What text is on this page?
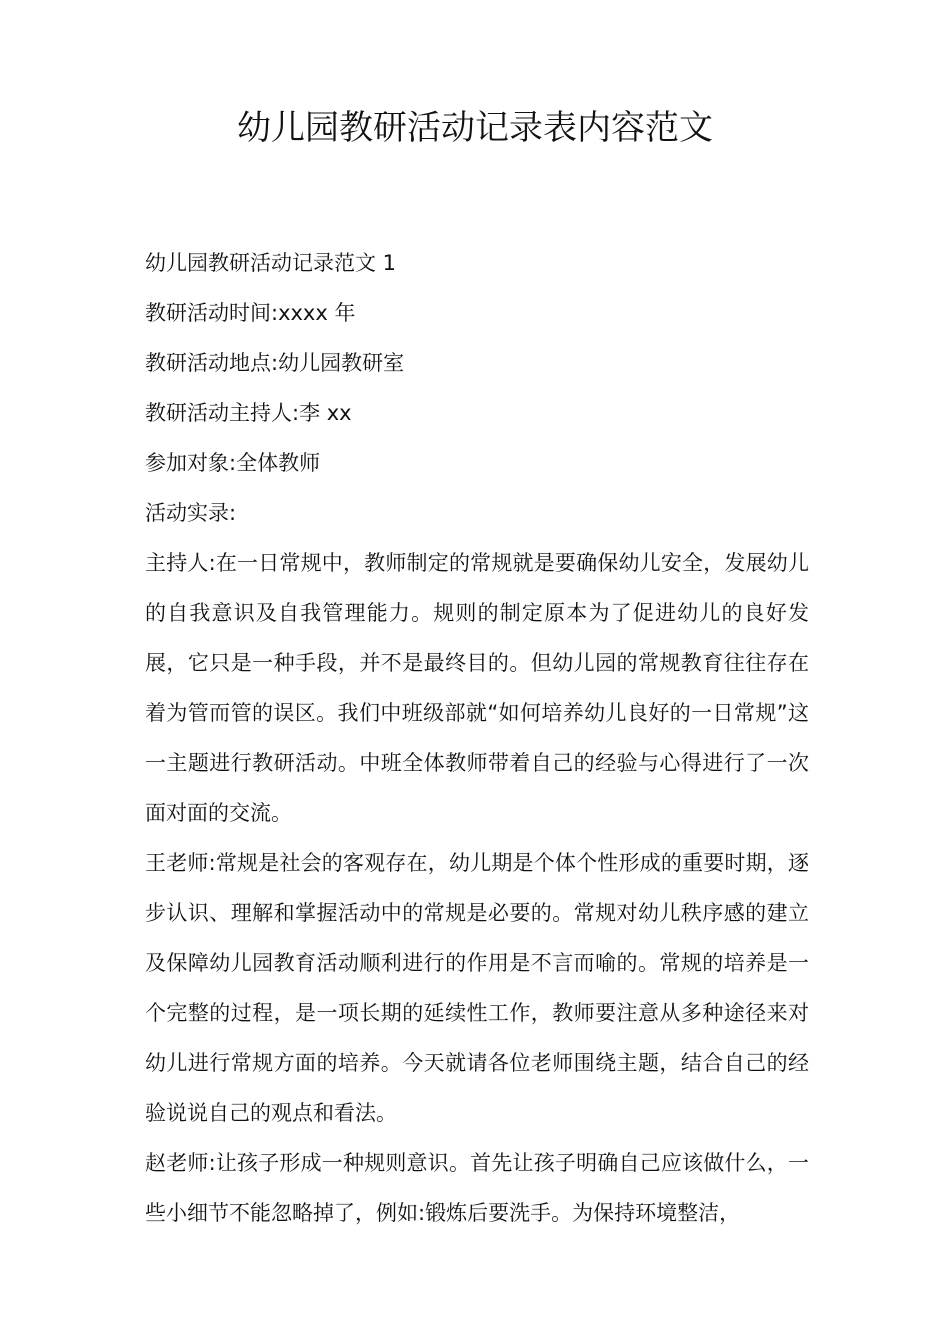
幼儿园教研活动记录表内容范文

幼儿园教研活动记录范文 1

教研活动时间:xxxx 年

教研活动地点:幼儿园教研室

教研活动主持人:李 xx

参加对象:全体教师

活动实录:

主持人:在一日常规中，教师制定的常规就是要确保幼儿安全，发展幼儿的自我意识及自我管理能力。规则的制定原本为了促进幼儿的良好发展，它只是一种手段，并不是最终目的。但幼儿园的常规教育往往存在着为管而管的误区。我们中班级部就“如何培养幼儿良好的一日常规”这一主题进行教研活动。中班全体教师带着自己的经验与心得进行了一次面对面的交流。

王老师:常规是社会的客观存在，幼儿期是个体个性形成的重要时期，逐步认识、理解和掌握活动中的常规是必要的。常规对幼儿秩序感的建立及保障幼儿园教育活动顺利进行的作用是不言而喻的。常规的培养是一个完整的过程，是一项长期的延续性工作，教师要注意从多种途径来对幼儿进行常规方面的培养。今天就请各位老师围绕主题，结合自己的经验说说自己的观点和看法。

赵老师:让孩子形成一种规则意识。首先让孩子明确自己应该做什么，一些小细节不能忽略掉了，例如:锻炼后要洗手。为保持环境整洁，
